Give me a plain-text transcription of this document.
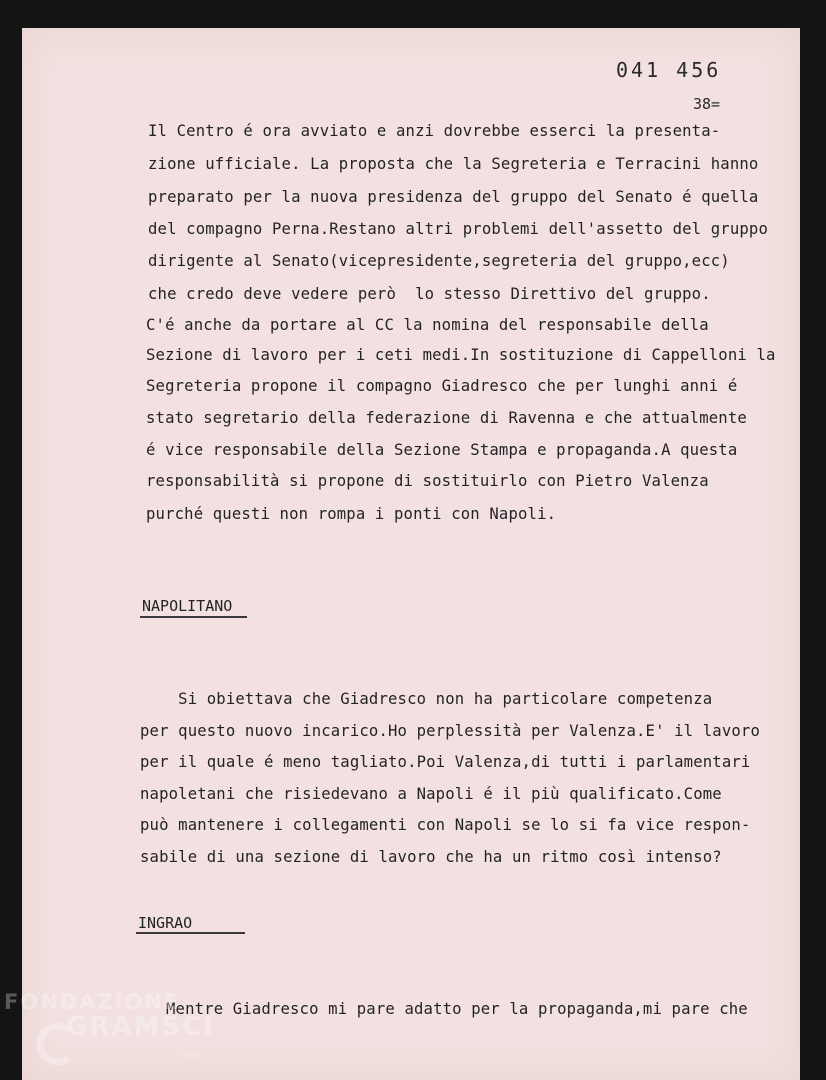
041 456
38=
Il Centro é ora avviato e anzi dovrebbe esserci la presenta-
zione ufficiale. La proposta che la Segreteria e Terracini hanno
preparato per la nuova presidenza del gruppo del Senato é quella
del compagno Perna.Restano altri problemi dell'assetto del gruppo
dirigente al Senato(vicepresidente,segreteria del gruppo,ecc)
che credo deve vedere però  lo stesso Direttivo del gruppo.
C'é anche da portare al CC la nomina del responsabile della
Sezione di lavoro per i ceti medi.In sostituzione di Cappelloni la
Segreteria propone il compagno Giadresco che per lunghi anni é
stato segretario della federazione di Ravenna e che attualmente
é vice responsabile della Sezione Stampa e propaganda.A questa
responsabilità si propone di sostituirlo con Pietro Valenza
purché questi non rompa i ponti con Napoli.
NAPOLITANO
Si obiettava che Giadresco non ha particolare competenza
per questo nuovo incarico.Ho perplessità per Valenza.E' il lavoro
per il quale é meno tagliato.Poi Valenza,di tutti i parlamentari
napoletani che risiedevano a Napoli é il più qualificato.Come
può mantenere i collegamenti con Napoli se lo si fa vice respon-
sabile di una sezione di lavoro che ha un ritmo così intenso?
INGRAO
Mentre Giadresco mi pare adatto per la propaganda,mi pare che
FONDAZIONE
GRAMSCI
onlus
